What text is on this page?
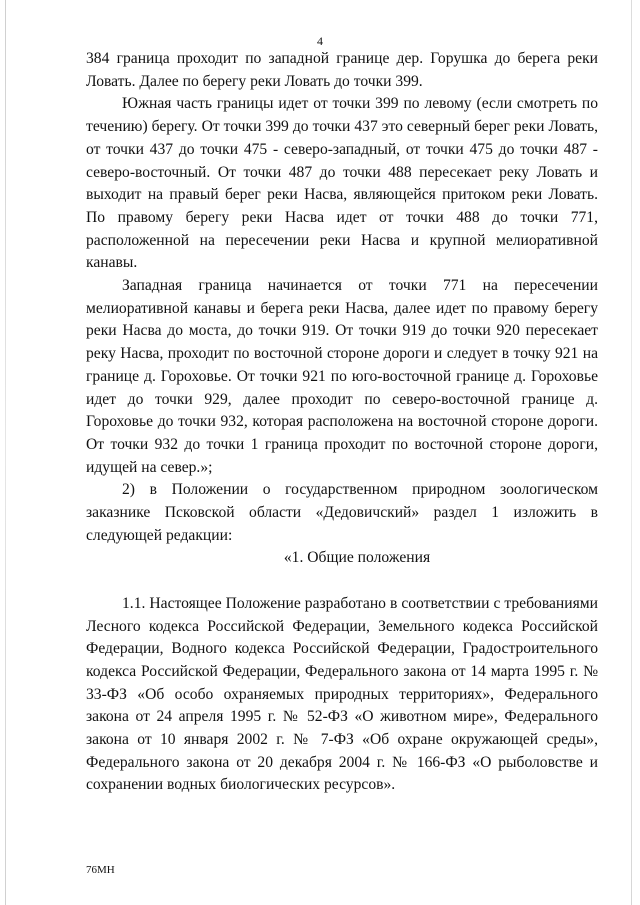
4

384 граница проходит по западной границе дер. Горушка до берега реки Ловать. Далее по берегу реки Ловать до точки 399.

Южная часть границы идет от точки 399 по левому (если смотреть по течению) берегу. От точки 399 до точки 437 это северный берег реки Ловать, от точки 437 до точки 475 - северо-западный, от точки 475 до точки 487 - северо-восточный. От точки 487 до точки 488 пересекает реку Ловать и выходит на правый берег реки Насва, являющейся притоком реки Ловать. По правому берегу реки Насва идет от точки 488 до точки 771, расположенной на пересечении реки Насва и крупной мелиоративной канавы.

Западная граница начинается от точки 771 на пересечении мелиоративной канавы и берега реки Насва, далее идет по правому берегу реки Насва до моста, до точки 919. От точки 919 до точки 920 пересекает реку Насва, проходит по восточной стороне дороги и следует в точку 921 на границе д. Гороховье. От точки 921 по юго-восточной границе д. Гороховье идет до точки 929, далее проходит по северо-восточной границе д. Гороховье до точки 932, которая расположена на восточной стороне дороги. От точки 932 до точки 1 граница проходит по восточной стороне дороги, идущей на север.»;

2) в Положении о государственном природном зоологическом заказнике Псковской области «Дедовичский» раздел 1 изложить в следующей редакции:

«1. Общие положения

1.1. Настоящее Положение разработано в соответствии с требованиями Лесного кодекса Российской Федерации, Земельного кодекса Российской Федерации, Водного кодекса Российской Федерации, Градостроительного кодекса Российской Федерации, Федерального закона от 14 марта 1995 г. № 33-ФЗ «Об особо охраняемых природных территориях», Федерального закона от 24 апреля 1995 г. № 52-ФЗ «О животном мире», Федерального закона от 10 января 2002 г. № 7-ФЗ «Об охране окружающей среды», Федерального закона от 20 декабря 2004 г. № 166-ФЗ «О рыболовстве и сохранении водных биологических ресурсов».

76МН
